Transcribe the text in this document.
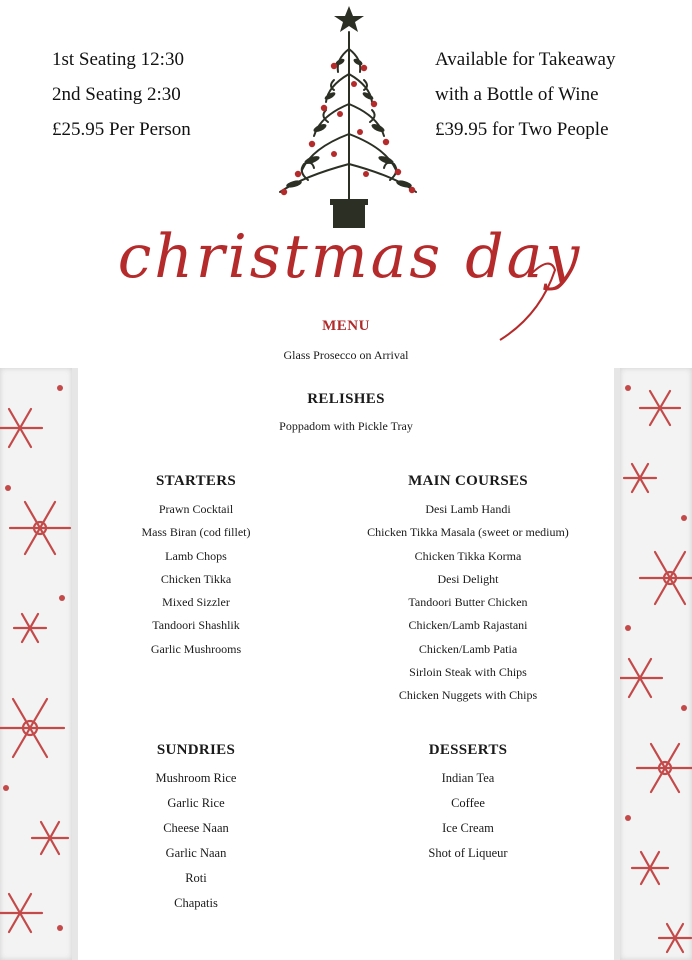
1st Seating 12:30
2nd Seating 2:30
£25.95 Per Person
Available for Takeaway
with a Bottle of Wine
£39.95 for Two People
christmas day
MENU
Glass Prosecco on Arrival
RELISHES
Poppadom with Pickle Tray
STARTERS
Prawn Cocktail
Mass Biran (cod fillet)
Lamb Chops
Chicken Tikka
Mixed Sizzler
Tandoori Shashlik
Garlic Mushrooms
MAIN COURSES
Desi Lamb Handi
Chicken Tikka Masala (sweet or medium)
Chicken Tikka Korma
Desi Delight
Tandoori Butter Chicken
Chicken/Lamb Rajastani
Chicken/Lamb Patia
Sirloin Steak with Chips
Chicken Nuggets with Chips
SUNDRIES
Mushroom Rice
Garlic Rice
Cheese Naan
Garlic Naan
Roti
Chapatis
DESSERTS
Indian Tea
Coffee
Ice Cream
Shot of Liqueur
